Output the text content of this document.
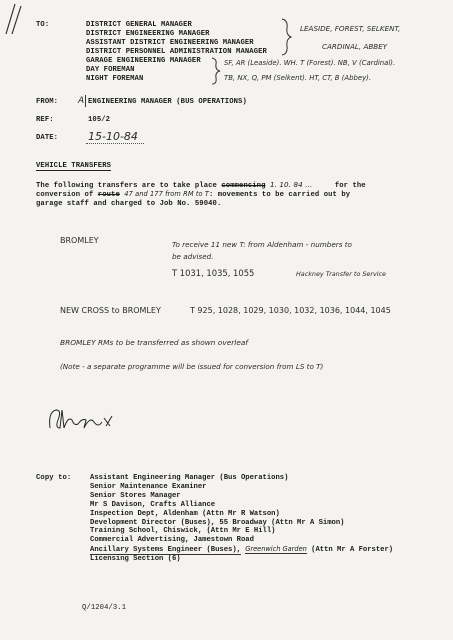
TO:	DISTRICT GENERAL MANAGER
DISTRICT ENGINEERING MANAGER
ASSISTANT DISTRICT ENGINEERING MANAGER
DISTRICT PERSONNEL ADMINISTRATION MANAGER
GARAGE ENGINEERING MANAGER
DAY FOREMAN
NIGHT FOREMAN
LEASIDE, FOREST, SELKENT,
CARDINAL, ABBEY
SF, AR (Leaside). WH. T (Forest). NB, V (Cardinal).
TB, NX, Q, PM (Selkent). HT, CT, B (Abbey).
FROM: A ENGINEERING MANAGER (BUS OPERATIONS)
REF:	105/2
DATE:	15-10-84
VEHICLE TRANSFERS
The following transfers are to take place commencing 1. 10. 84 ...	for the
conversion of route 47 and 177 from RM to T: movements to be carried out by
garage staff and charged to Job No. 59040.
BROMLEY	To receive 11 new T: from Aldenham - numbers to
be advised.
T 1031, 1035, 1055	Hackney Transfer to Service
NEW CROSS to BROMLEY	T 925, 1028, 1029, 1030, 1032, 1036, 1044, 1045
BROMLEY RMs to be transferred as shown overleaf
(Note - a separate programme will be issued for conversion from LS to T)
Copy to:	Assistant Engineering Manager (Bus Operations)
Senior Maintenance Examiner
Senior Stores Manager
Mr S Davison, Crafts Alliance
Inspection Dept, Aldenham (Attn Mr R Watson)
Development Director (Buses), 55 Broadway (Attn Mr A Simon)
Training School, Chiswick, (Attn Mr E Hill)
Commercial Advertising, Jamestown Road
Ancillary Systems Engineer (Buses), Greenwich Garden (Attn Mr A Forster)
Licensing Section (6)
Q/1204/3.1
